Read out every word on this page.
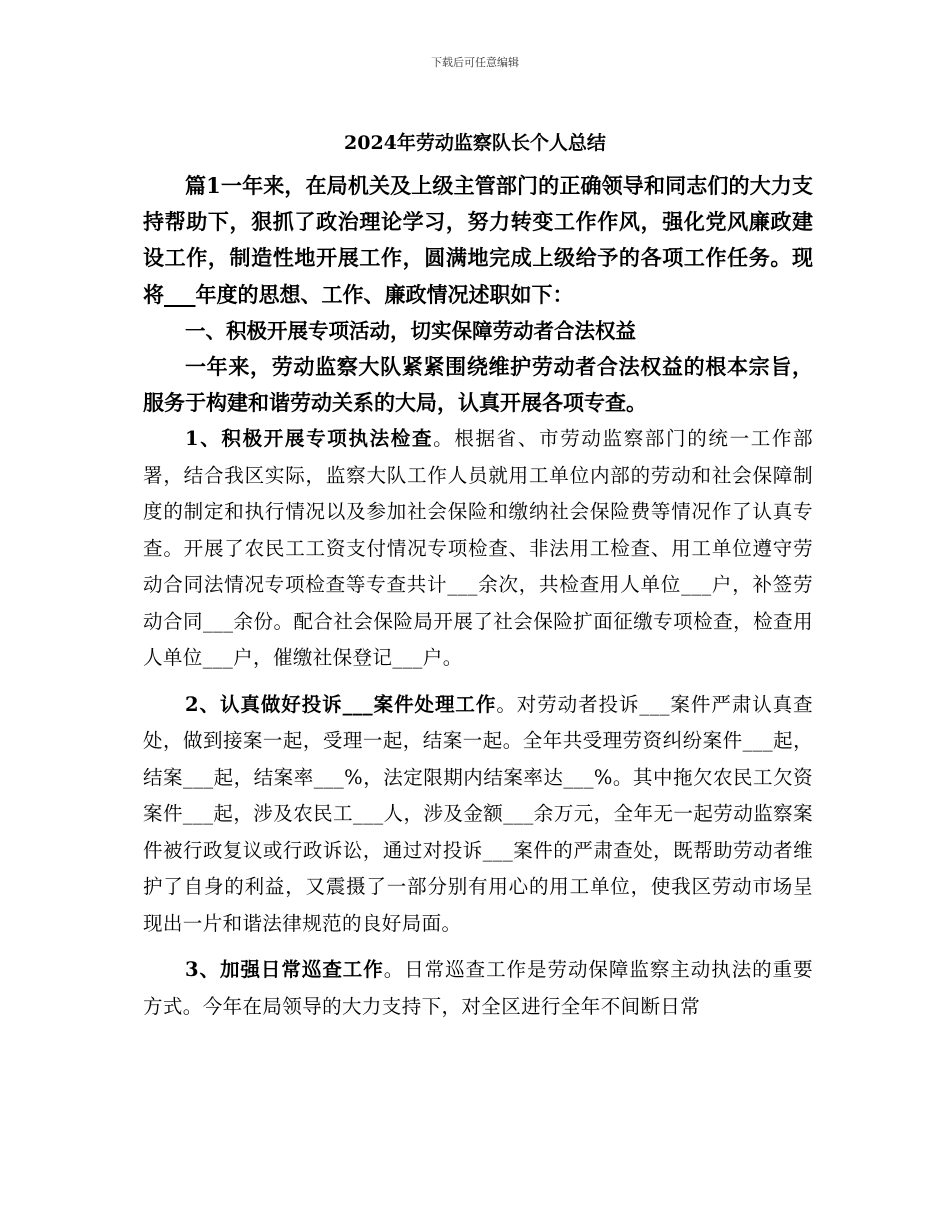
下载后可任意编辑
2024年劳动监察队长个人总结

篇1一年来，在局机关及上级主管部门的正确领导和同志们的大力支持帮助下，狠抓了政治理论学习，努力转变工作作风，强化党风廉政建设工作，制造性地开展工作，圆满地完成上级给予的各项工作任务。现将___年度的思想、工作、廉政情况述职如下：

一、积极开展专项活动，切实保障劳动者合法权益

一年来，劳动监察大队紧紧围绕维护劳动者合法权益的根本宗旨，服务于构建和谐劳动关系的大局，认真开展各项专查。

1、积极开展专项执法检查。根据省、市劳动监察部门的统一工作部署，结合我区实际，监察大队工作人员就用工单位内部的劳动和社会保障制度的制定和执行情况以及参加社会保险和缴纳社会保险费等情况作了认真专查。开展了农民工工资支付情况专项检查、非法用工检查、用工单位遵守劳动合同法情况专项检查等专查共计___余次，共检查用人单位___户，补签劳动合同___余份。配合社会保险局开展了社会保险扩面征缴专项检查，检查用人单位___户，催缴社保登记___户。

2、认真做好投诉___案件处理工作。对劳动者投诉___案件严肃认真查处，做到接案一起，受理一起，结案一起。全年共受理劳资纠纷案件___起，结案___起，结案率___%，法定限期内结案率达___%。其中拖欠农民工欠资案件___起，涉及农民工___人，涉及金额___余万元，全年无一起劳动监察案件被行政复议或行政诉讼，通过对投诉___案件的严肃查处，既帮助劳动者维护了自身的利益，又震摄了一部分别有用心的用工单位，使我区劳动市场呈现出一片和谐法律规范的良好局面。

3、加强日常巡查工作。日常巡查工作是劳动保障监察主动执法的重要方式。今年在局领导的大力支持下，对全区进行全年不间断日常
